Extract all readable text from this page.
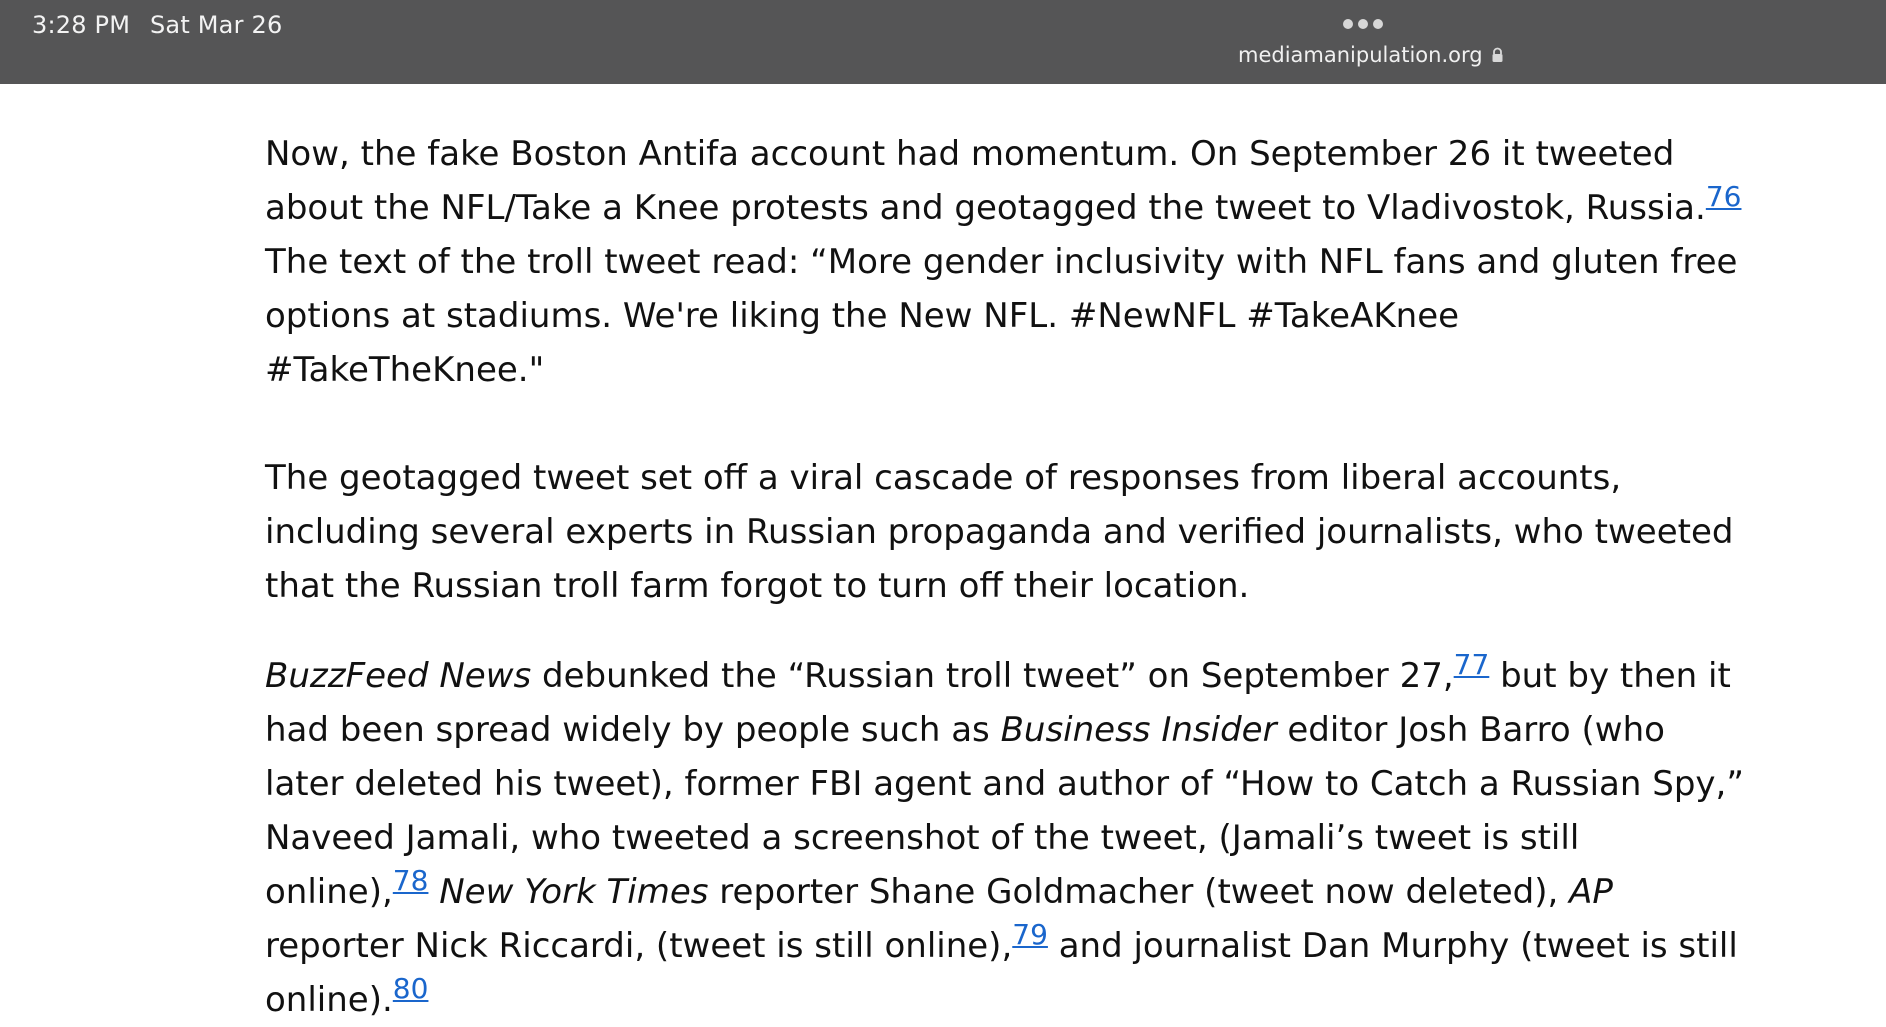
3:28 PM Sat Mar 26
mediamanipulation.org

Now, the fake Boston Antifa account had momentum. On September 26 it tweeted about the NFL/Take a Knee protests and geotagged the tweet to Vladivostok, Russia.$^{76}$ The text of the troll tweet read: “More gender inclusivity with NFL fans and gluten free options at stadiums. We're liking the New NFL. #NewNFL #TakeAKnee #TakeTheKnee."

The geotagged tweet set off a viral cascade of responses from liberal accounts, including several experts in Russian propaganda and verified journalists, who tweeted that the Russian troll farm forgot to turn off their location.

BuzzFeed News debunked the “Russian troll tweet” on September 27,77 but by then it had been spread widely by people such as Business Insider editor Josh Barro (who later deleted his tweet), former FBI agent and author of “How to Catch a Russian Spy,” Naveed Jamali, who tweeted a screenshot of the tweet, (Jamali’s tweet is still online),$^{78}$ New York Times reporter Shane Goldmacher (tweet now deleted), AP reporter Nick Riccardi, (tweet is still online),$^{79}$ and journalist Dan Murphy (tweet is still online).$^{80}$
